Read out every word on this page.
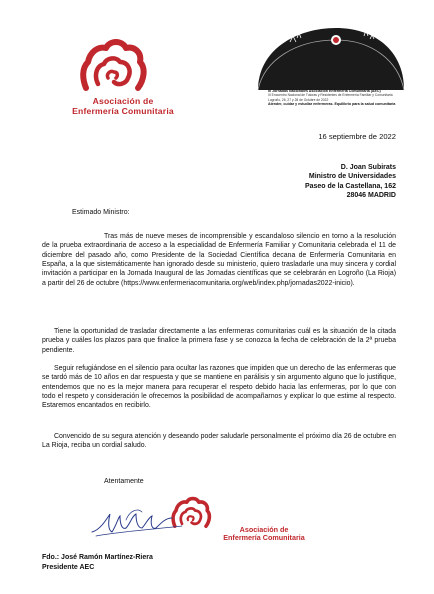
Asociación de
Enfermería Comunitaria
III Jornadas Nacionales Asociación Enfermería Comunitaria (AEC)
III Encuentro Nacional de Tutoras y Residentes de Enfermería Familiar y Comunitaria
Logroño, 26, 27 y 28 de Octubre de 2022
Atender, cuidar y estudiar enfermeras. Equilibrio para la salud comunitaria
16 septiembre de 2022
D. Joan Subirats
Ministro de Universidades
Paseo de la Castellana, 162
28046 MADRID
Estimado Ministro:
Tras más de nueve meses de incomprensible y escandaloso silencio en torno a la resolución de la prueba extraordinaria de acceso a la especialidad de Enfermería Familiar y Comunitaria celebrada el 11 de diciembre del pasado año, como Presidente de la Sociedad Científica decana de Enfermería Comunitaria en España, a la que sistemáticamente han ignorado desde su ministerio, quiero trasladarle una muy sincera y cordial invitación a participar en la Jornada Inaugural de las Jornadas científicas que se celebrarán en Logroño (La Rioja) a partir del 26 de octubre (https://www.enfermeriacomunitaria.org/web/index.php/jornadas2022-inicio).
Tiene la oportunidad de trasladar directamente a las enfermeras comunitarias cuál es la situación de la citada prueba y cuáles los plazos para que finalice la primera fase y se conozca la fecha de celebración de la 2ª prueba pendiente.
Seguir refugiándose en el silencio para ocultar las razones que impiden que un derecho de las enfermeras que se tardó más de 10 años en dar respuesta y que se mantiene en parálisis y sin argumento alguno que lo justifique, entendemos que no es la mejor manera para recuperar el respeto debido hacia las enfermeras, por lo que con todo el respeto y consideración le ofrecemos la posibilidad de acompañarnos y explicar lo que estime al respecto. Estaremos encantados en recibirlo.
Convencido de su segura atención y deseando poder saludarle personalmente el próximo día 26 de octubre en La Rioja, reciba un cordial saludo.
Atentamente
Asociación de
Enfermería Comunitaria
Fdo.: José Ramón Martínez-Riera
Presidente AEC
